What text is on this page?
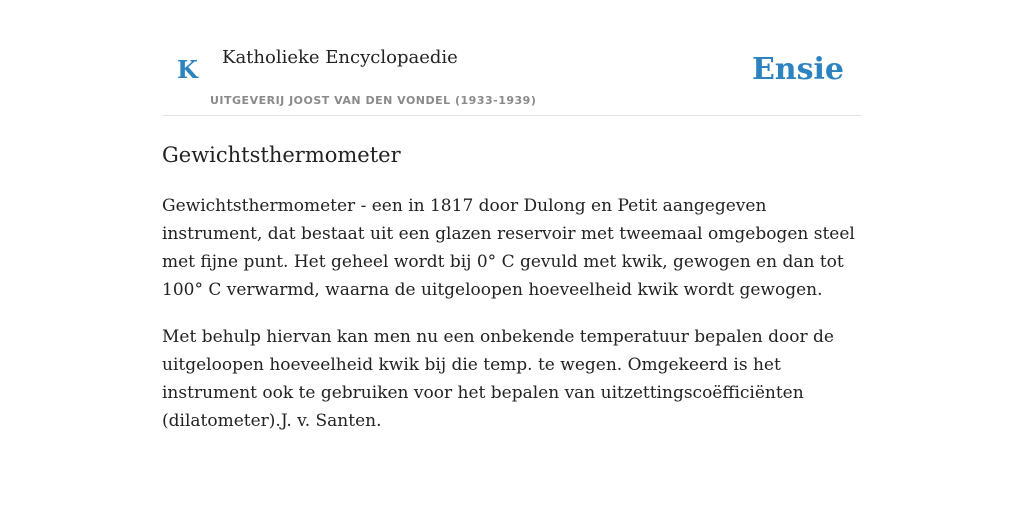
K Katholieke Encyclopaedie
UITGEVERIJ JOOST VAN DEN VONDEL (1933-1939)
Ensie
Gewichtsthermometer

Gewichtsthermometer - een in 1817 door Dulong en Petit aangegeven instrument, dat bestaat uit een glazen reservoir met tweemaal omgebogen steel met fijne punt. Het geheel wordt bij 0° C gevuld met kwik, gewogen en dan tot 100° C verwarmd, waarna de uitgeloopen hoeveelheid kwik wordt gewogen.

Met behulp hiervan kan men nu een onbekende temperatuur bepalen door de uitgeloopen hoeveelheid kwik bij die temp. te wegen. Omgekeerd is het instrument ook te gebruiken voor het bepalen van uitzettingscoëfficiënten (dilatometer).J. v. Santen.
